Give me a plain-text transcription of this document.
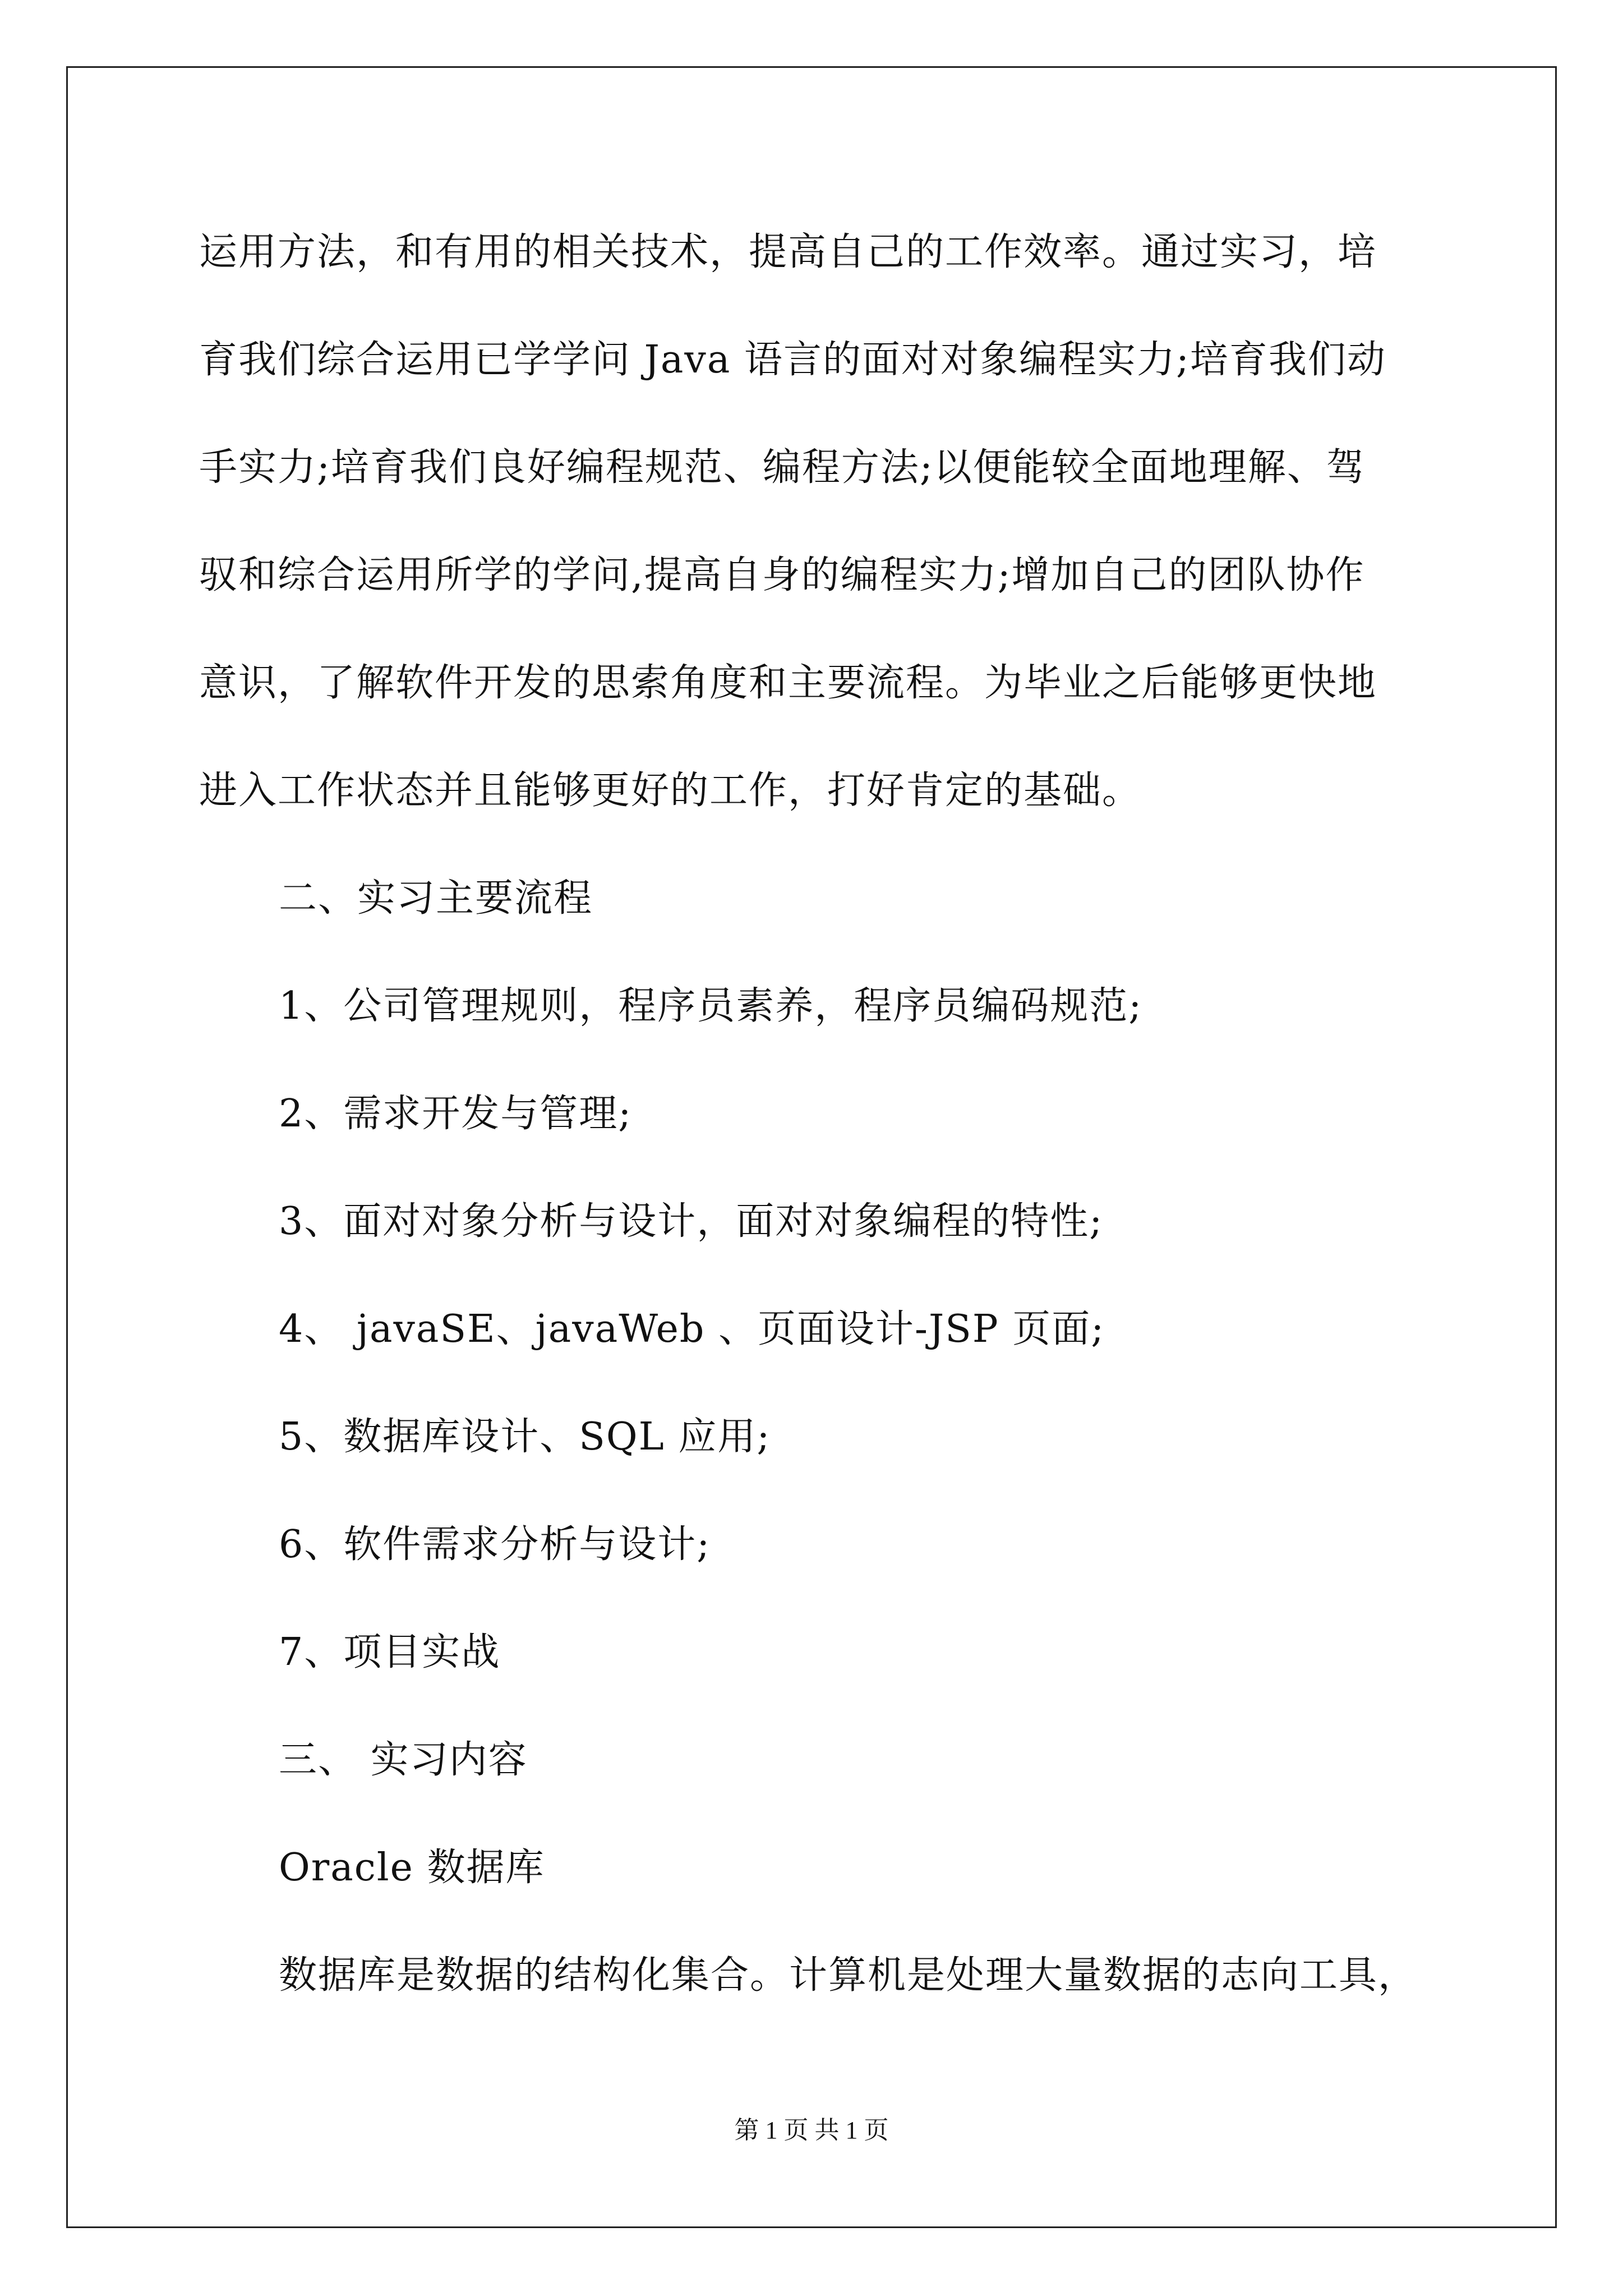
运用方法，和有用的相关技术，提高自己的工作效率。通过实习，培
育我们综合运用已学学问 Java 语言的面对对象编程实力;培育我们动
手实力;培育我们良好编程规范、编程方法;以便能较全面地理解、驾
驭和综合运用所学的学问,提高自身的编程实力;增加自己的团队协作
意识，了解软件开发的思索角度和主要流程。为毕业之后能够更快地
进入工作状态并且能够更好的工作，打好肯定的基础。
二、实习主要流程
1、公司管理规则，程序员素养，程序员编码规范;
2、需求开发与管理;
3、面对对象分析与设计，面对对象编程的特性;
4、 javaSE、javaWeb 、页面设计-JSP 页面;
5、数据库设计、SQL 应用;
6、软件需求分析与设计;
7、项目实战
三、 实习内容
Oracle 数据库
数据库是数据的结构化集合。计算机是处理大量数据的志向工具，
第 1 页 共 1 页
